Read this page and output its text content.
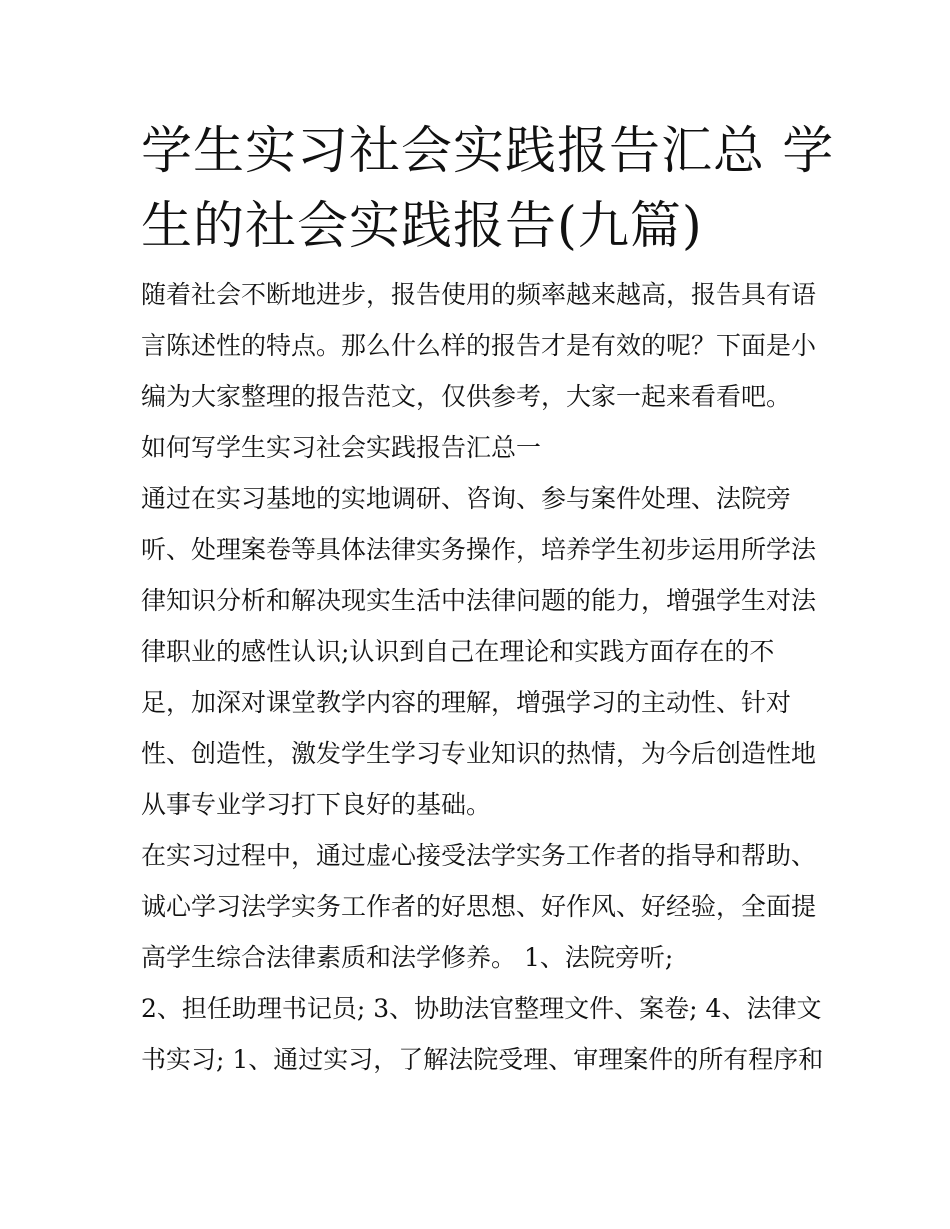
学生实习社会实践报告汇总 学
生的社会实践报告(九篇)
随着社会不断地进步，报告使用的频率越来越高，报告具有语
言陈述性的特点。那么什么样的报告才是有效的呢？下面是小
编为大家整理的报告范文，仅供参考，大家一起来看看吧。
如何写学生实习社会实践报告汇总一
通过在实习基地的实地调研、咨询、参与案件处理、法院旁
听、处理案卷等具体法律实务操作，培养学生初步运用所学法
律知识分析和解决现实生活中法律问题的能力，增强学生对法
律职业的感性认识;认识到自己在理论和实践方面存在的不
足，加深对课堂教学内容的理解，增强学习的主动性、针对
性、创造性，激发学生学习专业知识的热情，为今后创造性地
从事专业学习打下良好的基础。
在实习过程中，通过虚心接受法学实务工作者的指导和帮助、
诚心学习法学实务工作者的好思想、好作风、好经验，全面提
高学生综合法律素质和法学修养。 1、法院旁听;
2、担任助理书记员; 3、协助法官整理文件、案卷; 4、法律文
书实习; 1、通过实习，了解法院受理、审理案件的所有程序和
